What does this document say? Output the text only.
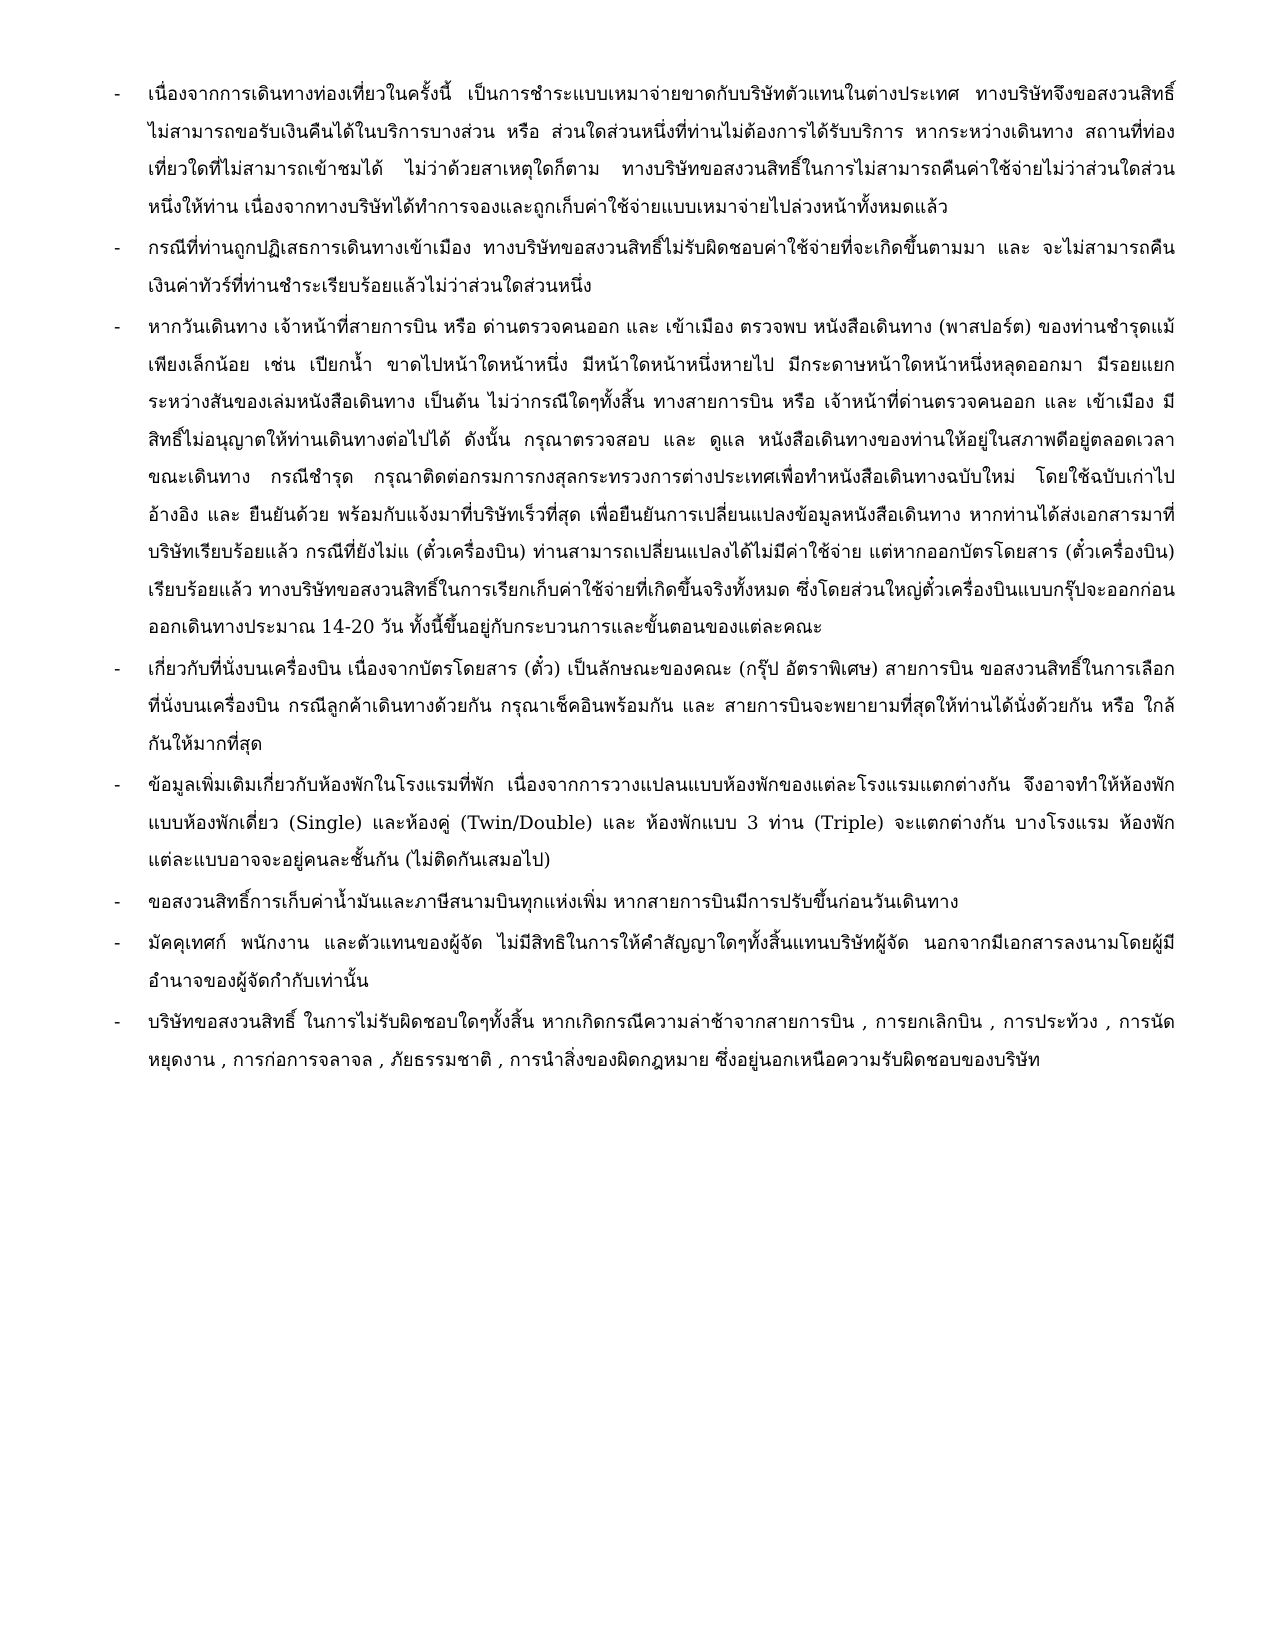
-	เนื่องจากการเดินทางท่องเที่ยวในครั้งนี้ เป็นการชำระแบบเหมาจ่ายขาดกับบริษัทตัวแทนในต่างประเทศ ทางบริษัทจึงขอสงวนสิทธิ์ ไม่สามารถขอรับเงินคืนได้ในบริการบางส่วน หรือ ส่วนใดส่วนหนึ่งที่ท่านไม่ต้องการได้รับบริการ หากระหว่างเดินทาง สถานที่ท่องเที่ยวใดที่ไม่สามารถเข้าชมได้ ไม่ว่าด้วยสาเหตุใดก็ตาม ทางบริษัทขอสงวนสิทธิ์ในการไม่สามารถคืนค่าใช้จ่ายไม่ว่าส่วนใดส่วนหนึ่งให้ท่าน เนื่องจากทางบริษัทได้ทำการจองและถูกเก็บค่าใช้จ่ายแบบเหมาจ่ายไปล่วงหน้าทั้งหมดแล้ว
-	กรณีที่ท่านถูกปฏิเสธการเดินทางเข้าเมือง ทางบริษัทขอสงวนสิทธิ์ไม่รับผิดชอบค่าใช้จ่ายที่จะเกิดขึ้นตามมา และ จะไม่สามารถคืนเงินค่าทัวร์ที่ท่านชำระเรียบร้อยแล้วไม่ว่าส่วนใดส่วนหนึ่ง
-	หากวันเดินทาง เจ้าหน้าที่สายการบิน หรือ ด่านตรวจคนออก และ เข้าเมือง ตรวจพบ หนังสือเดินทาง (พาสปอร์ต) ของท่านชำรุดแม้เพียงเล็กน้อย เช่น เปียกน้ำ ขาดไปหน้าใดหน้าหนึ่ง มีหน้าใดหน้าหนึ่งหายไป มีกระดาษหน้าใดหน้าหนึ่งหลุดออกมา มีรอยแยกระหว่างสันของเล่มหนังสือเดินทาง เป็นต้น ไม่ว่ากรณีใดๆทั้งสิ้น ทางสายการบิน หรือ เจ้าหน้าที่ด่านตรวจคนออก และ เข้าเมือง มีสิทธิ์ไม่อนุญาตให้ท่านเดินทางต่อไปได้ ดังนั้น กรุณาตรวจสอบ และ ดูแล หนังสือเดินทางของท่านให้อยู่ในสภาพดีอยู่ตลอดเวลา ขณะเดินทาง กรณีชำรุด กรุณาติดต่อกรมการกงสุลกระทรวงการต่างประเทศเพื่อทำหนังสือเดินทางฉบับใหม่ โดยใช้ฉบับเก่าไปอ้างอิง และ ยืนยันด้วย พร้อมกับแจ้งมาที่บริษัทเร็วที่สุด เพื่อยืนยันการเปลี่ยนแปลงข้อมูลหนังสือเดินทาง หากท่านได้ส่งเอกสารมาที่บริษัทเรียบร้อยแล้ว กรณีที่ยังไม่แ (ตั๋วเครื่องบิน) ท่านสามารถเปลี่ยนแปลงได้ไม่มีค่าใช้จ่าย แต่หากออกบัตรโดยสาร (ตั๋วเครื่องบิน) เรียบร้อยแล้ว ทางบริษัทขอสงวนสิทธิ์ในการเรียกเก็บค่าใช้จ่ายที่เกิดขึ้นจริงทั้งหมด ซึ่งโดยส่วนใหญ่ตั๋วเครื่องบินแบบกรุ๊ปจะออกก่อนออกเดินทางประมาณ 14-20 วัน ทั้งนี้ขึ้นอยู่กับกระบวนการและขั้นตอนของแต่ละคณะ
-	เกี่ยวกับที่นั่งบนเครื่องบิน เนื่องจากบัตรโดยสาร (ตั๋ว) เป็นลักษณะของคณะ (กรุ๊ป อัตราพิเศษ) สายการบิน ขอสงวนสิทธิ์ในการเลือกที่นั่งบนเครื่องบิน กรณีลูกค้าเดินทางด้วยกัน กรุณาเช็คอินพร้อมกัน และ สายการบินจะพยายามที่สุดให้ท่านได้นั่งด้วยกัน หรือ ใกล้กันให้มากที่สุด
-	ข้อมูลเพิ่มเติมเกี่ยวกับห้องพักในโรงแรมที่พัก เนื่องจากการวางแปลนแบบห้องพักของแต่ละโรงแรมแตกต่างกัน จึงอาจทำให้ห้องพักแบบห้องพักเดี่ยว (Single) และห้องคู่ (Twin/Double) และ ห้องพักแบบ 3 ท่าน (Triple) จะแตกต่างกัน บางโรงแรม ห้องพักแต่ละแบบอาจจะอยู่คนละชั้นกัน (ไม่ติดกันเสมอไป)
-	ขอสงวนสิทธิ์การเก็บค่าน้ำมันและภาษีสนามบินทุกแห่งเพิ่ม หากสายการบินมีการปรับขึ้นก่อนวันเดินทาง
-	มัคคุเทศก์ พนักงาน และตัวแทนของผู้จัด ไม่มีสิทธิในการให้คำสัญญาใดๆทั้งสิ้นแทนบริษัทผู้จัด นอกจากมีเอกสารลงนามโดยผู้มีอำนาจของผู้จัดกำกับเท่านั้น
-	บริษัทขอสงวนสิทธิ์ ในการไม่รับผิดชอบใดๆทั้งสิ้น หากเกิดกรณีความล่าช้าจากสายการบิน , การยกเลิกบิน , การประท้วง , การนัดหยุดงาน , การก่อการจลาจล , ภัยธรรมชาติ , การนำสิ่งของผิดกฎหมาย ซึ่งอยู่นอกเหนือความรับผิดชอบของบริษัท
